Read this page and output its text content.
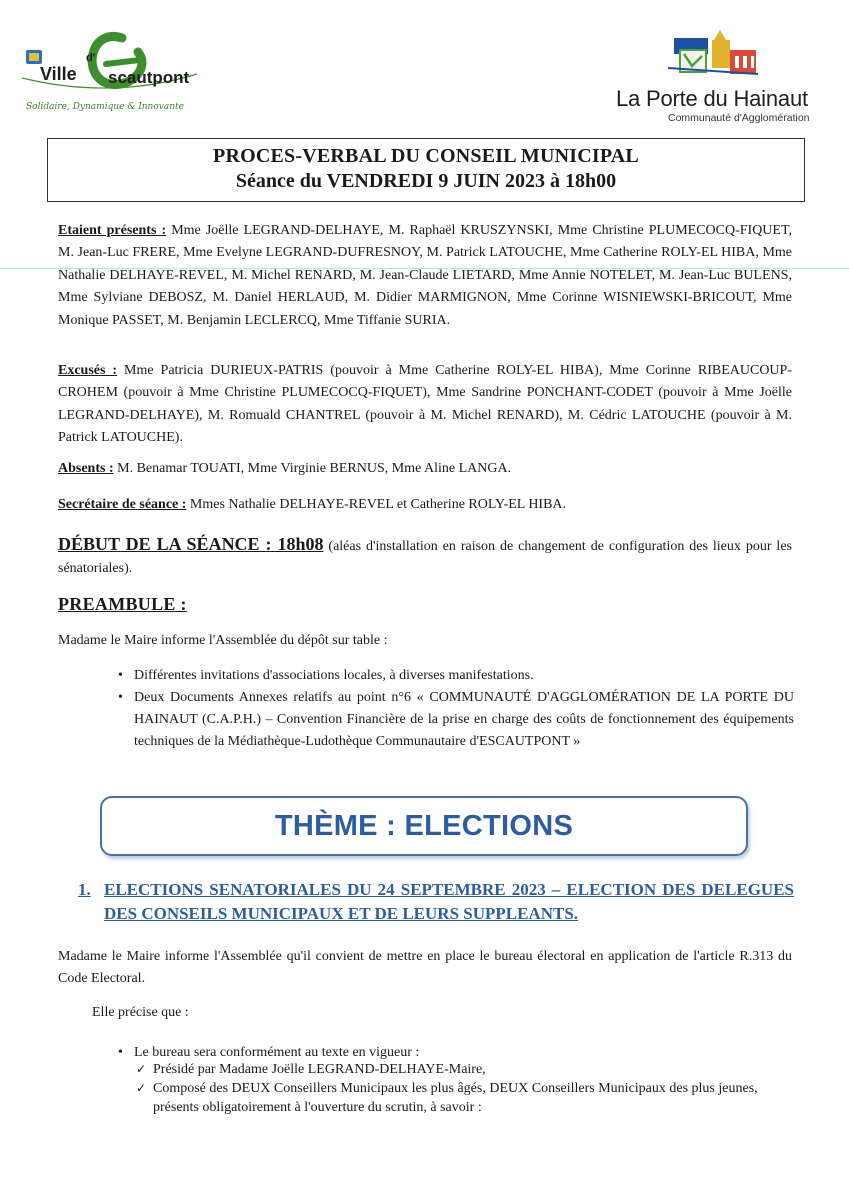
Ville
d'
scautpont
Solidaire, Dynamique & Innovante	La Porte du Hainaut
Communauté d'Agglomération
PROCES-VERBAL DU CONSEIL MUNICIPAL
Séance du VENDREDI 9 JUIN 2023 à 18h00
Etaient présents : Mme Joëlle LEGRAND-DELHAYE, M. Raphaël KRUSZYNSKI, Mme Christine PLUMECOCQ-FIQUET, M. Jean-Luc FRERE, Mme Evelyne LEGRAND-DUFRESNOY, M. Patrick LATOUCHE, Mme Catherine ROLY-EL HIBA, Mme Nathalie DELHAYE-REVEL, M. Michel RENARD, M. Jean-Claude LIETARD, Mme Annie NOTELET, M. Jean-Luc BULENS, Mme Sylviane DEBOSZ, M. Daniel HERLAUD, M. Didier MARMIGNON, Mme Corinne WISNIEWSKI-BRICOUT, Mme Monique PASSET, M. Benjamin LECLERCQ, Mme Tiffanie SURIA.
Excusés : Mme Patricia DURIEUX-PATRIS (pouvoir à Mme Catherine ROLY-EL HIBA), Mme Corinne RIBEAUCOUP-CROHEM (pouvoir à Mme Christine PLUMECOCQ-FIQUET), Mme Sandrine PONCHANT-CODET (pouvoir à Mme Joëlle LEGRAND-DELHAYE), M. Romuald CHANTREL (pouvoir à M. Michel RENARD), M. Cédric LATOUCHE (pouvoir à M. Patrick LATOUCHE).
Absents : M. Benamar TOUATI, Mme Virginie BERNUS, Mme Aline LANGA.
Secrétaire de séance : Mmes Nathalie DELHAYE-REVEL et Catherine ROLY-EL HIBA.
DÉBUT DE LA SÉANCE : 18h08 (aléas d'installation en raison de changement de configuration des lieux pour les sénatoriales).
PREAMBULE :
Madame le Maire informe l'Assemblée du dépôt sur table :
• Différentes invitations d'associations locales, à diverses manifestations.
• Deux Documents Annexes relatifs au point n°6 « COMMUNAUTÉ D'AGGLOMÉRATION DE LA PORTE DU HAINAUT (C.A.P.H.) – Convention Financière de la prise en charge des coûts de fonctionnement des équipements techniques de la Médiathèque-Ludothèque Communautaire d'ESCAUTPONT »
THÈME : ELECTIONS
1. ELECTIONS SENATORIALES DU 24 SEPTEMBRE 2023 – ELECTION DES DELEGUES DES CONSEILS MUNICIPAUX ET DE LEURS SUPPLEANTS.
Madame le Maire informe l'Assemblée qu'il convient de mettre en place le bureau électoral en application de l'article R.313 du Code Electoral.
Elle précise que :
• Le bureau sera conformément au texte en vigueur :
✓ Présidé par Madame Joëlle LEGRAND-DELHAYE-Maire,
✓ Composé des DEUX Conseillers Municipaux les plus âgés, DEUX Conseillers Municipaux des plus jeunes, présents obligatoirement à l'ouverture du scrutin, à savoir :
